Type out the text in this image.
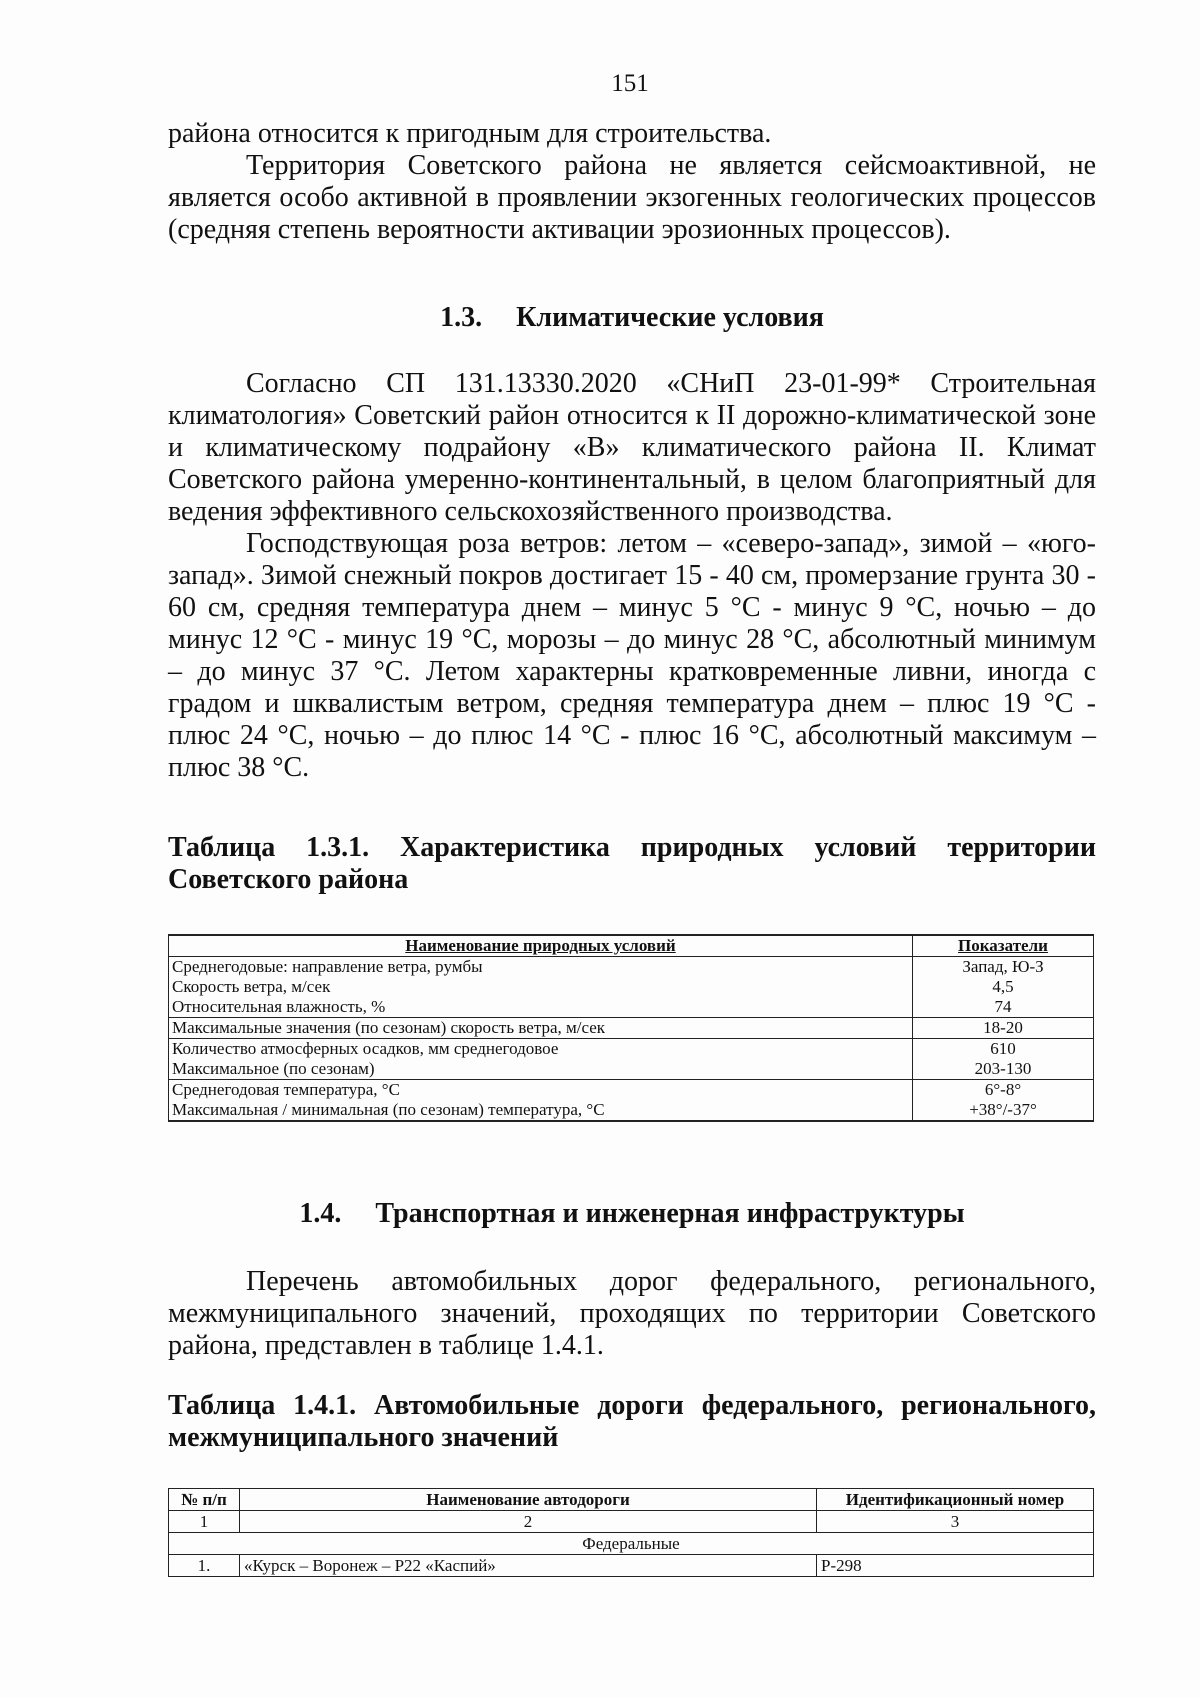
151

района относится к пригодным для строительства.

Территория Советского района не является сейсмоактивной, не является особо активной в проявлении экзогенных геологических процессов (средняя степень вероятности активации эрозионных процессов).

1.3. Климатические условия

Согласно СП 131.13330.2020 «СНиП 23-01-99* Строительная климатология» Советский район относится к II дорожно-климатической зоне и климатическому подрайону «В» климатического района II. Климат Советского района умеренно-континентальный, в целом благоприятный для ведения эффективного сельскохозяйственного производства.

Господствующая роза ветров: летом – «северо-запад», зимой – «юго-запад». Зимой снежный покров достигает 15 - 40 см, промерзание грунта 30 - 60 см, средняя температура днем – минус 5 °С - минус 9 °С, ночью – до минус 12 °С - минус 19 °С, морозы – до минус 28 °С, абсолютный минимум – до минус 37 °С. Летом характерны кратковременные ливни, иногда с градом и шквалистым ветром, средняя температура днем – плюс 19 °С - плюс 24 °С, ночью – до плюс 14 °С - плюс 16 °С, абсолютный максимум – плюс 38 °С.

Таблица 1.3.1. Характеристика природных условий территории Советского района
Наименование природных условий	Показатели
Среднегодовые: направление ветра, румбы	Запад, Ю-З
Скорость ветра, м/сек	4,5
Относительная влажность, %	74
Максимальные значения (по сезонам) скорость ветра, м/сек	18-20
Количество атмосферных осадков, мм среднегодовое	610
Максимальное (по сезонам)	203-130
Среднегодовая температура, °С	6°-8°
Максимальная / минимальная (по сезонам) температура, °С	+38°/-37°
1.4. Транспортная и инженерная инфраструктуры

Перечень автомобильных дорог федерального, регионального, межмуниципального значений, проходящих по территории Советского района, представлен в таблице 1.4.1.

Таблица 1.4.1. Автомобильные дороги федерального, регионального, межмуниципального значений
№ п/п	Наименование автодороги	Идентификационный номер
1	2	3
Федеральные		
1.	«Курск – Воронеж – Р22 «Каспий»	Р-298
